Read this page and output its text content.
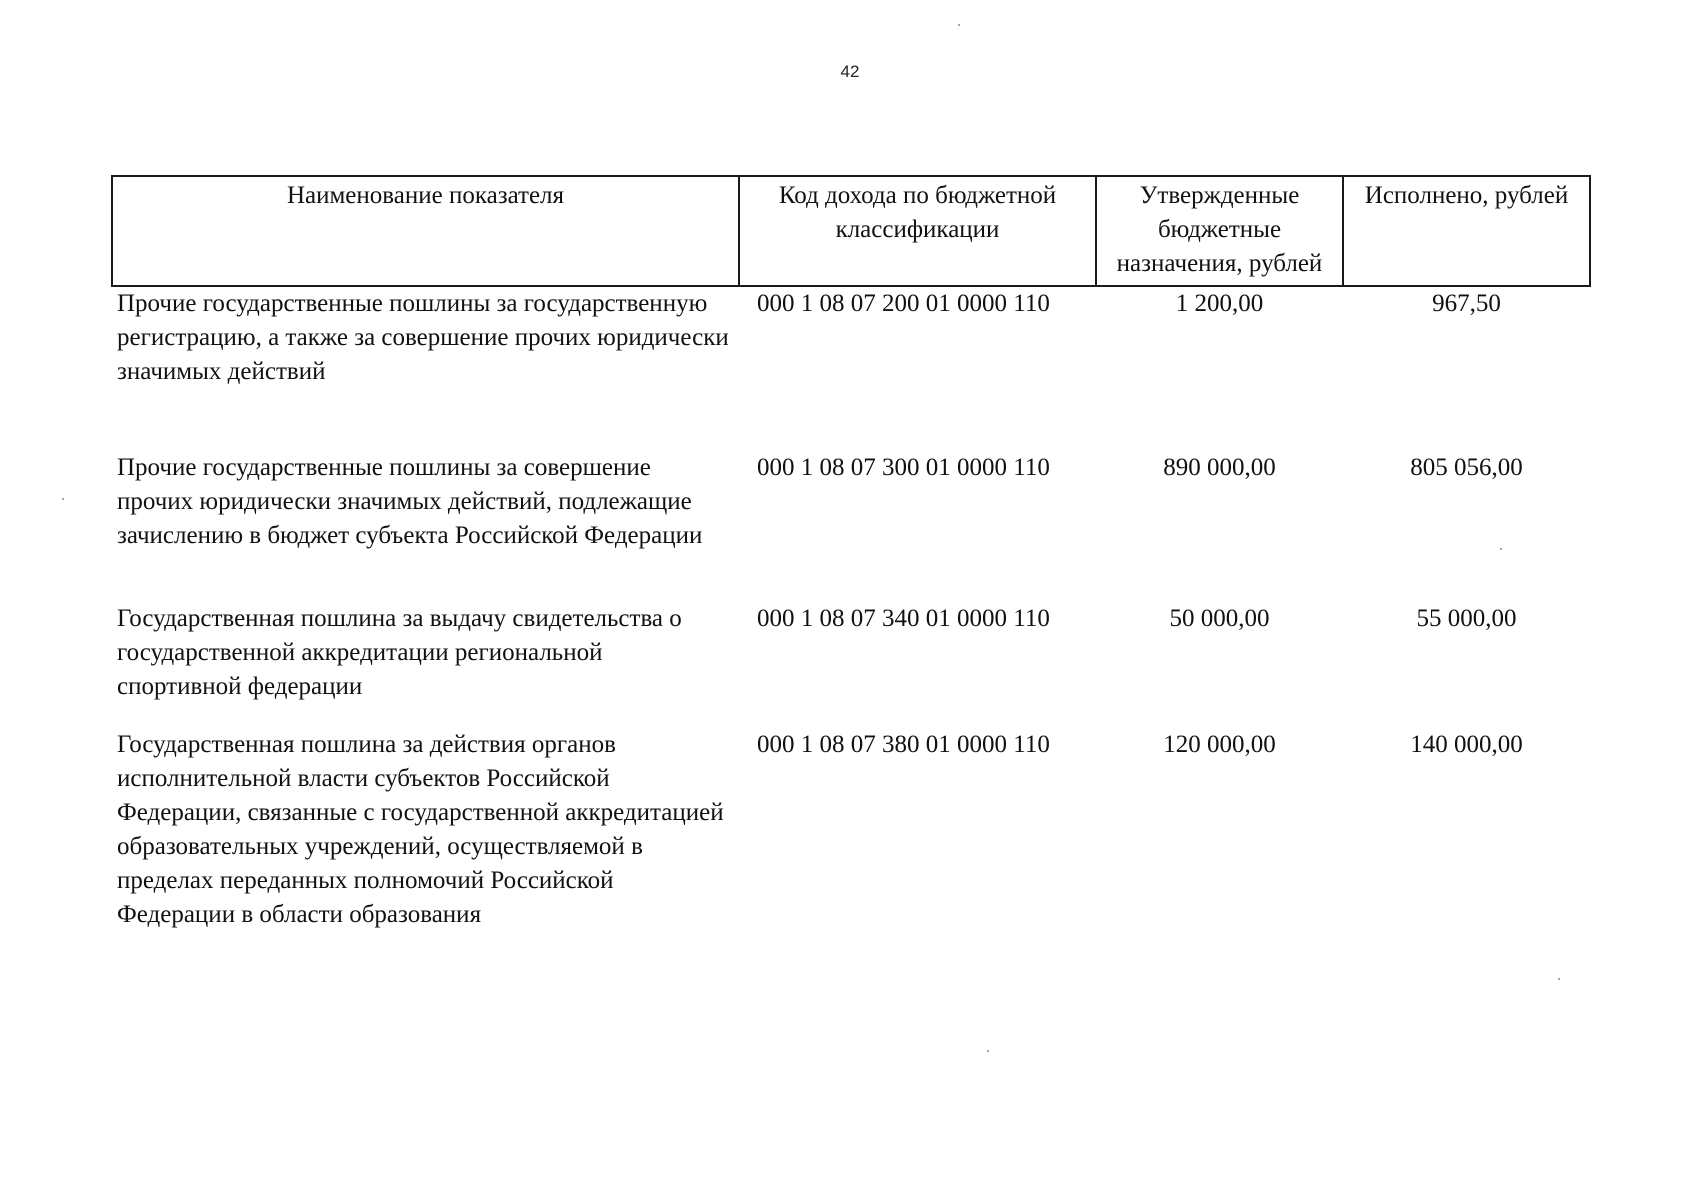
42
Наименование показателя	Код дохода по бюджетной классификации	Утвержденные бюджетные назначения, рублей	Исполнено, рублей
Прочие государственные пошлины за государственную регистрацию, а также за совершение прочих юридически значимых действий	000 1 08 07 200 01 0000 110	1 200,00	967,50
Прочие государственные пошлины за совершение прочих юридически значимых действий, подлежащие зачислению в бюджет субъекта Российской Федерации	000 1 08 07 300 01 0000 110	890 000,00	805 056,00
Государственная пошлина за выдачу свидетельства о государственной аккредитации региональной спортивной федерации	000 1 08 07 340 01 0000 110	50 000,00	55 000,00
Государственная пошлина за действия органов исполнительной власти субъектов Российской Федерации, связанные с государственной аккредитацией образовательных учреждений, осуществляемой в пределах переданных полномочий Российской Федерации в области образования	000 1 08 07 380 01 0000 110	120 000,00	140 000,00
